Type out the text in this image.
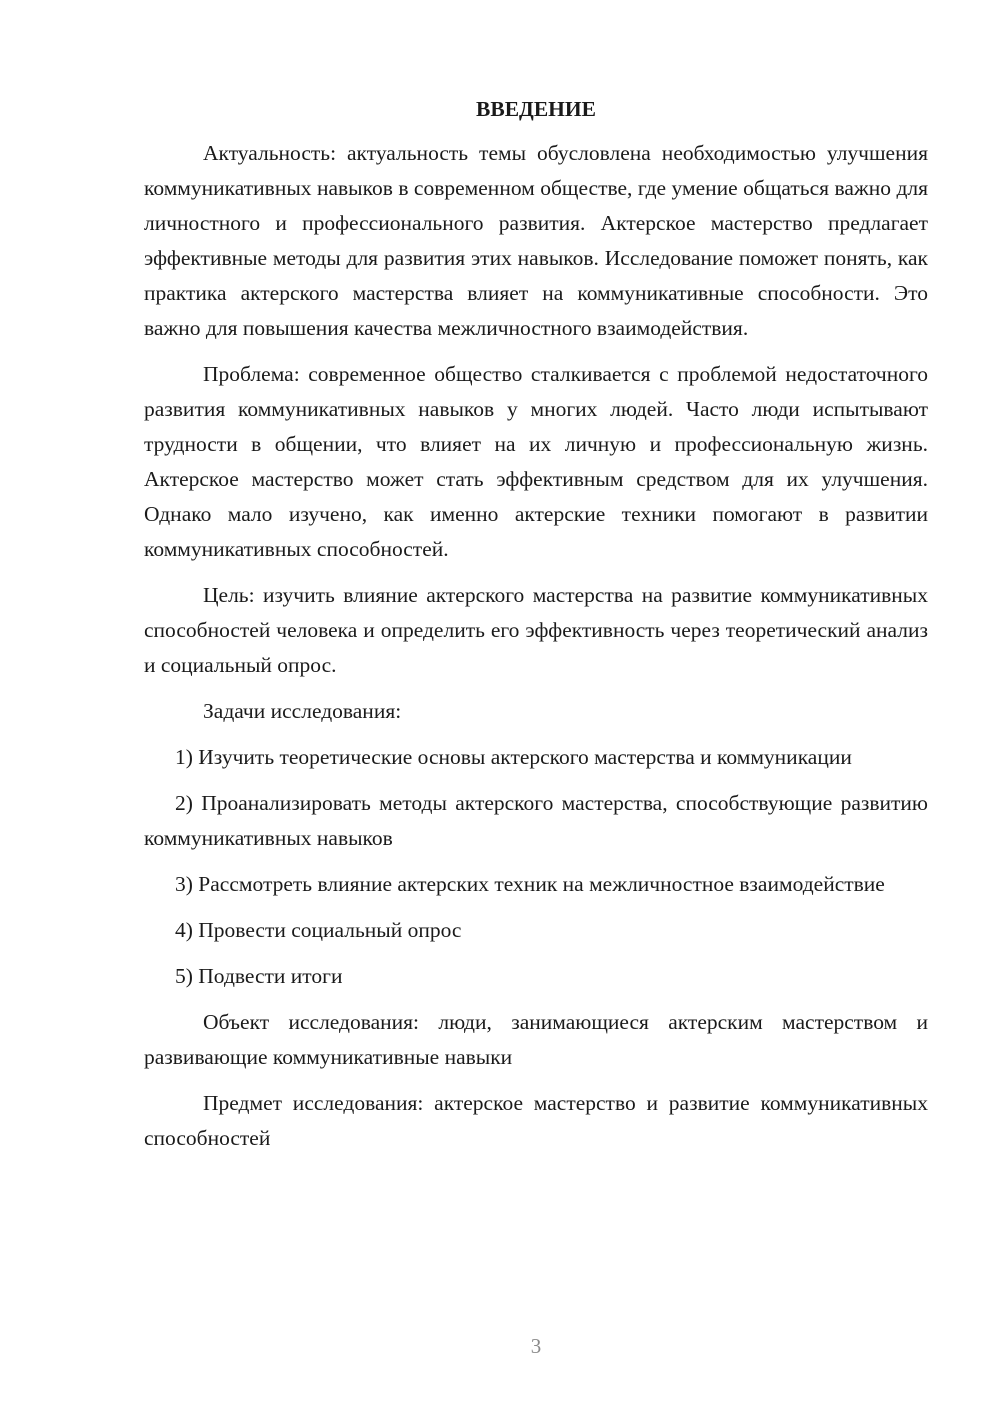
ВВЕДЕНИЕ

Актуальность: актуальность темы обусловлена необходимостью улучшения коммуникативных навыков в современном обществе, где умение общаться важно для личностного и профессионального развития. Актерское мастерство предлагает эффективные методы для развития этих навыков. Исследование поможет понять, как практика актерского мастерства влияет на коммуникативные способности. Это важно для повышения качества межличностного взаимодействия.

Проблема: современное общество сталкивается с проблемой недостаточного развития коммуникативных навыков у многих людей. Часто люди испытывают трудности в общении, что влияет на их личную и профессиональную жизнь. Актерское мастерство может стать эффективным средством для их улучшения. Однако мало изучено, как именно актерские техники помогают в развитии коммуникативных способностей.

Цель: изучить влияние актерского мастерства на развитие коммуникативных способностей человека и определить его эффективность через теоретический анализ и социальный опрос.

Задачи исследования:

1) Изучить теоретические основы актерского мастерства и коммуникации

2) Проанализировать методы актерского мастерства, способствующие развитию коммуникативных навыков

3) Рассмотреть влияние актерских техник на межличностное взаимодействие

4) Провести социальный опрос

5) Подвести итоги

Объект исследования: люди, занимающиеся актерским мастерством и развивающие коммуникативные навыки

Предмет исследования: актерское мастерство и развитие коммуникативных способностей

3
